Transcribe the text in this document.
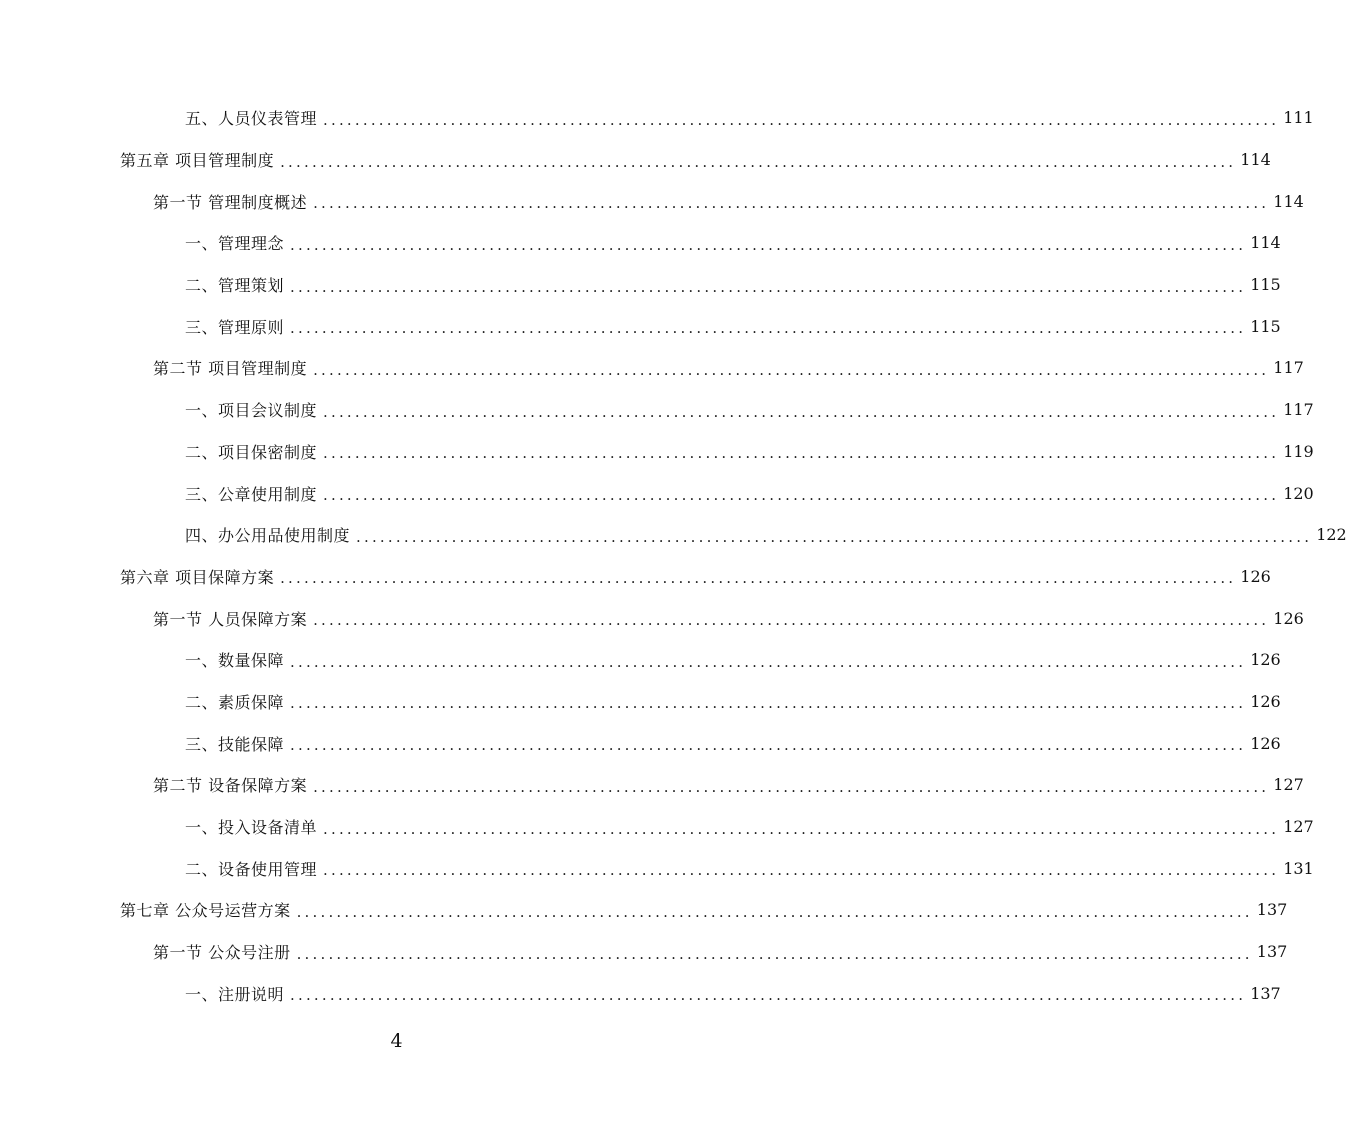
五、人员仪表管理 ........................................................................................................................ 111
第五章 项目管理制度 ........................................................................................................................ 114
第一节 管理制度概述 ........................................................................................................................ 114
一、管理理念 ........................................................................................................................ 114
二、管理策划 ........................................................................................................................ 115
三、管理原则 ........................................................................................................................ 115
第二节 项目管理制度 ........................................................................................................................ 117
一、项目会议制度 ........................................................................................................................ 117
二、项目保密制度 ........................................................................................................................ 119
三、公章使用制度 ........................................................................................................................ 120
四、办公用品使用制度 ........................................................................................................................ 122
第六章 项目保障方案 ........................................................................................................................ 126
第一节 人员保障方案 ........................................................................................................................ 126
一、数量保障 ........................................................................................................................ 126
二、素质保障 ........................................................................................................................ 126
三、技能保障 ........................................................................................................................ 126
第二节 设备保障方案 ........................................................................................................................ 127
一、投入设备清单 ........................................................................................................................ 127
二、设备使用管理 ........................................................................................................................ 131
第七章 公众号运营方案 ........................................................................................................................ 137
第一节 公众号注册 ........................................................................................................................ 137
一、注册说明 ........................................................................................................................ 137
4
